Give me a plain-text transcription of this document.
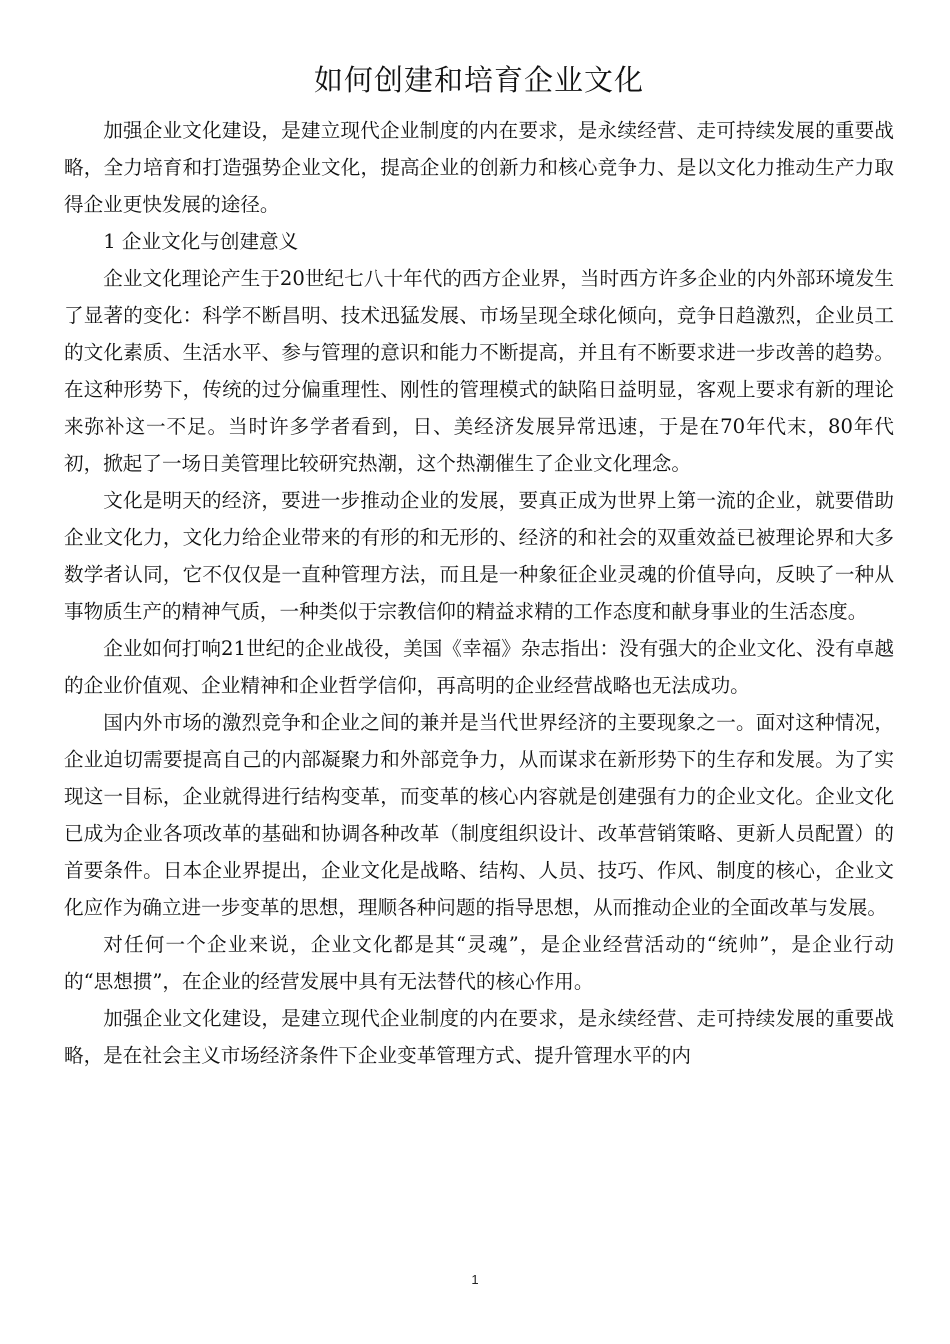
如何创建和培育企业文化

加强企业文化建设，是建立现代企业制度的内在要求，是永续经营、走可持续发展的重要战略，全力培育和打造强势企业文化，提高企业的创新力和核心竞争力、是以文化力推动生产力取得企业更快发展的途径。

1 企业文化与创建意义

企业文化理论产生于20世纪七八十年代的西方企业界，当时西方许多企业的内外部环境发生了显著的变化：科学不断昌明、技术迅猛发展、市场呈现全球化倾向，竞争日趋激烈，企业员工的文化素质、生活水平、参与管理的意识和能力不断提高，并且有不断要求进一步改善的趋势。在这种形势下，传统的过分偏重理性、刚性的管理模式的缺陷日益明显，客观上要求有新的理论来弥补这一不足。当时许多学者看到，日、美经济发展异常迅速，于是在70年代末，80年代初，掀起了一场日美管理比较研究热潮，这个热潮催生了企业文化理念。

文化是明天的经济，要进一步推动企业的发展，要真正成为世界上第一流的企业，就要借助企业文化力，文化力给企业带来的有形的和无形的、经济的和社会的双重效益已被理论界和大多数学者认同，它不仅仅是一直种管理方法，而且是一种象征企业灵魂的价值导向，反映了一种从事物质生产的精神气质，一种类似于宗教信仰的精益求精的工作态度和献身事业的生活态度。

企业如何打响21世纪的企业战役，美国《幸福》杂志指出：没有强大的企业文化、没有卓越的企业价值观、企业精神和企业哲学信仰，再高明的企业经营战略也无法成功。

国内外市场的激烈竞争和企业之间的兼并是当代世界经济的主要现象之一。面对这种情况，企业迫切需要提高自己的内部凝聚力和外部竞争力，从而谋求在新形势下的生存和发展。为了实现这一目标，企业就得进行结构变革，而变革的核心内容就是创建强有力的企业文化。企业文化已成为企业各项改革的基础和协调各种改革（制度组织设计、改革营销策略、更新人员配置）的首要条件。日本企业界提出，企业文化是战略、结构、人员、技巧、作风、制度的核心，企业文化应作为确立进一步变革的思想，理顺各种问题的指导思想，从而推动企业的全面改革与发展。

对任何一个企业来说，企业文化都是其“灵魂”，是企业经营活动的“统帅”，是企业行动的“思想掼”，在企业的经营发展中具有无法替代的核心作用。

加强企业文化建设，是建立现代企业制度的内在要求，是永续经营、走可持续发展的重要战略，是在社会主义市场经济条件下企业变革管理方式、提升管理水平的内

1
